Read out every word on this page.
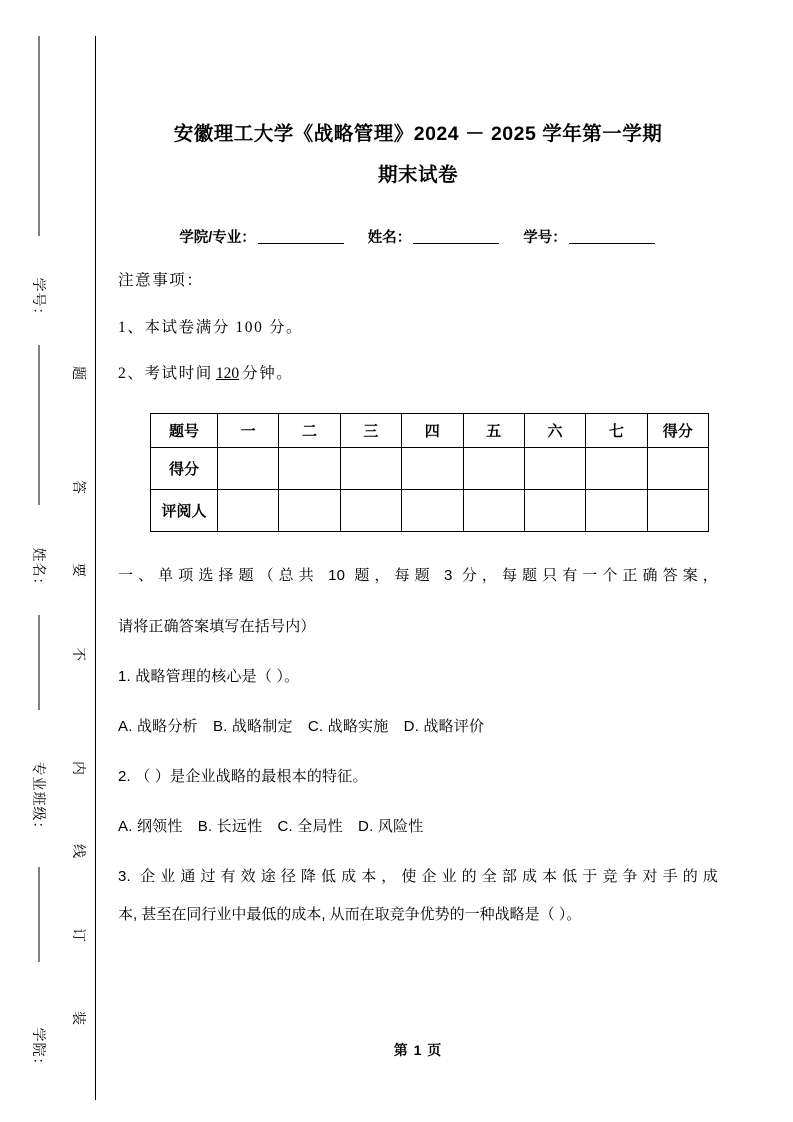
学号：
姓名：
专业班级：
学院：
题
答
要
不
内
线
订
装
安徽理工大学《战略管理》2024 － 2025 学年第一学期
期末试卷
学院/专业：	姓名：	学号：

注意事项：

1、本试卷满分 100 分。

2、考试时间 120 分钟。

题号	一	二	三	四	五	六	七	得分
得分								
评阅人								

一、单项选择题（总共 10 题，每题 3 分，每题只有一个正确答案，

请将正确答案填写在括号内）

1. 战略管理的核心是（ ）。

A. 战略分析　B. 战略制定　C. 战略实施　D. 战略评价

2. （ ）是企业战略的最根本的特征。

A. 纲领性　B. 长远性　C. 全局性　D. 风险性

3. 企业通过有效途径降低成本，使企业的全部成本低于竞争对手的成

本, 甚至在同行业中最低的成本, 从而在取竞争优势的一种战略是（ ）。

第 1 页
